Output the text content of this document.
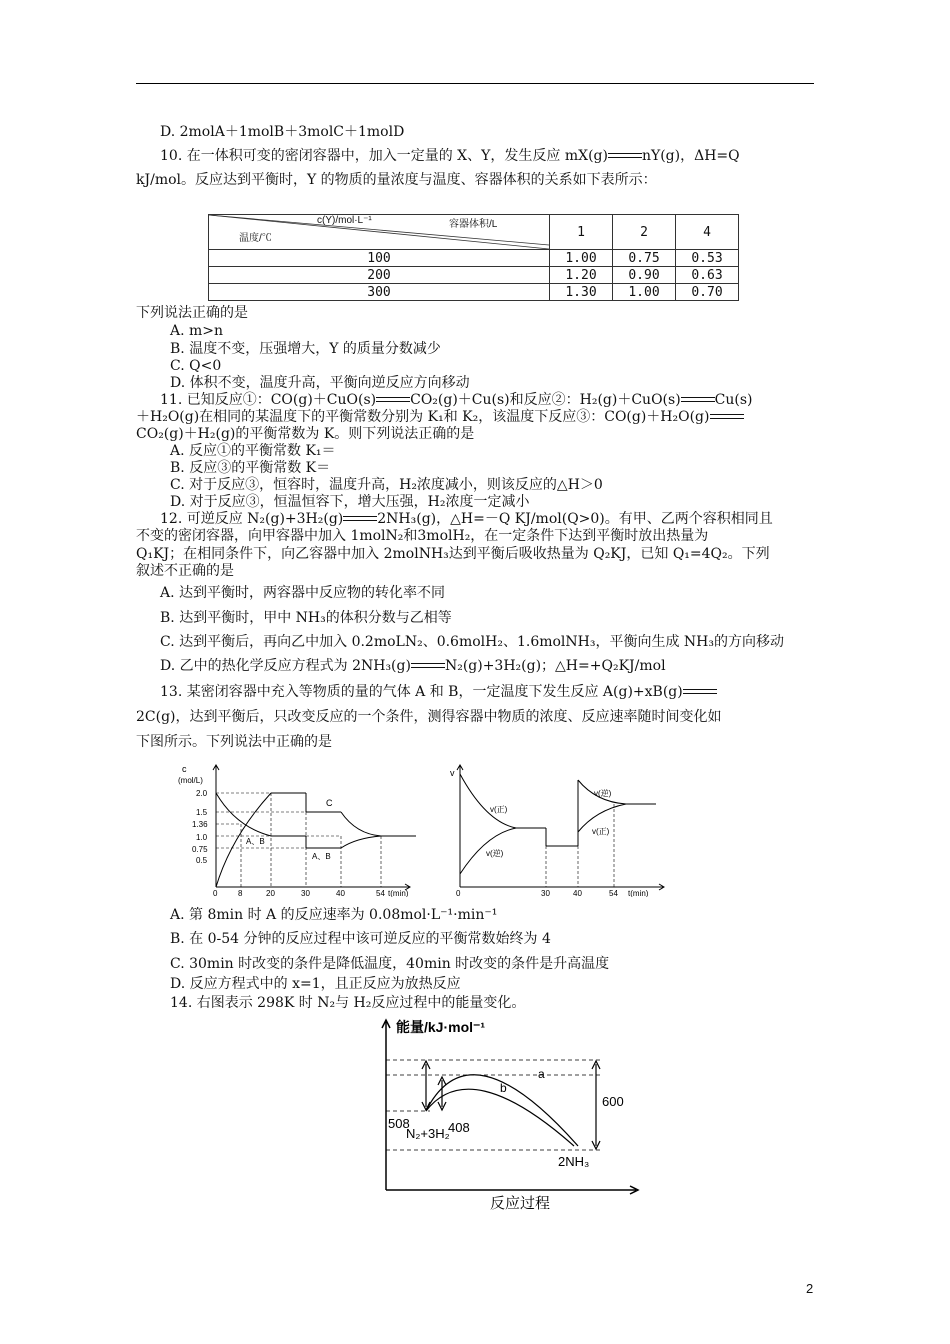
D. 2molA＋1molB＋3molC＋1molD
10. 在一体积可变的密闭容器中，加入一定量的 X、Y，发生反应 mX(g) nY(g)，ΔH=Q
kJ/mol。反应达到平衡时，Y 的物质的量浓度与温度、容器体积的关系如下表所示：
c(Y)/mol·L⁻¹ 容器体积/L
温度/℃	1	2	4
100	1.00	0.75	0.53
200	1.20	0.90	0.63
300	1.30	1.00	0.70
下列说法正确的是
A. m>n
B. 温度不变，压强增大，Y 的质量分数减少
C. Q<0
D. 体积不变，温度升高，平衡向逆反应方向移动
11. 已知反应①：CO(g)＋CuO(s) CO₂(g)＋Cu(s)和反应②：H₂(g)＋CuO(s) Cu(s)
＋H₂O(g)在相同的某温度下的平衡常数分别为 K₁和 K₂，该温度下反应③：CO(g)＋H₂O(g)
CO₂(g)＋H₂(g)的平衡常数为 K。则下列说法正确的是
A. 反应①的平衡常数 K₁＝
B. 反应③的平衡常数 K＝
C. 对于反应③，恒容时，温度升高，H₂浓度减小，则该反应的△H＞0
D. 对于反应③，恒温恒容下，增大压强，H₂浓度一定减小
12. 可逆反应 N₂(g)+3H₂(g) 2NH₃(g)，△H=－Q KJ/mol(Q>0)。有甲、乙两个容积相同且
不变的密闭容器，向甲容器中加入 1molN₂和3molH₂，在一定条件下达到平衡时放出热量为
Q₁KJ；在相同条件下，向乙容器中加入 2molNH₃达到平衡后吸收热量为 Q₂KJ，已知 Q₁=4Q₂。下列
叙述不正确的是
A. 达到平衡时，两容器中反应物的转化率不同
B. 达到平衡时，甲中 NH₃的体积分数与乙相等
C. 达到平衡后，再向乙中加入 0.2moLN₂、0.6molH₂、1.6molNH₃，平衡向生成 NH₃的方向移动
D. 乙中的热化学反应方程式为 2NH₃(g) N₂(g)+3H₂(g)；△H=+Q₂KJ/mol
13. 某密闭容器中充入等物质的量的气体 A 和 B，一定温度下发生反应 A(g)+xB(g)
2C(g)，达到平衡后，只改变反应的一个条件，测得容器中物质的浓度、反应速率随时间变化如
下图所示。下列说法中正确的是
c
(mol/L)
2.0
1.5
1.36
1.0
0.75
0.5
C
A、B
A、B
0	8	20	30	40	54 t(min)
v
v(正)
v(逆)
v(逆)
v(正)
0	30	40	54 t(min)
A. 第 8min 时 A 的反应速率为 0.08mol·L⁻¹·min⁻¹
B. 在 0-54 分钟的反应过程中该可逆反应的平衡常数始终为 4
C. 30min 时改变的条件是降低温度，40min 时改变的条件是升高温度
D. 反应方程式中的 x=1，且正反应为放热反应
14. 右图表示 298K 时 N₂与 H₂反应过程中的能量变化。
能量/kJ·mol⁻¹
508	408
600
a
b
N₂+3H₂
2NH₃
反应过程
2
